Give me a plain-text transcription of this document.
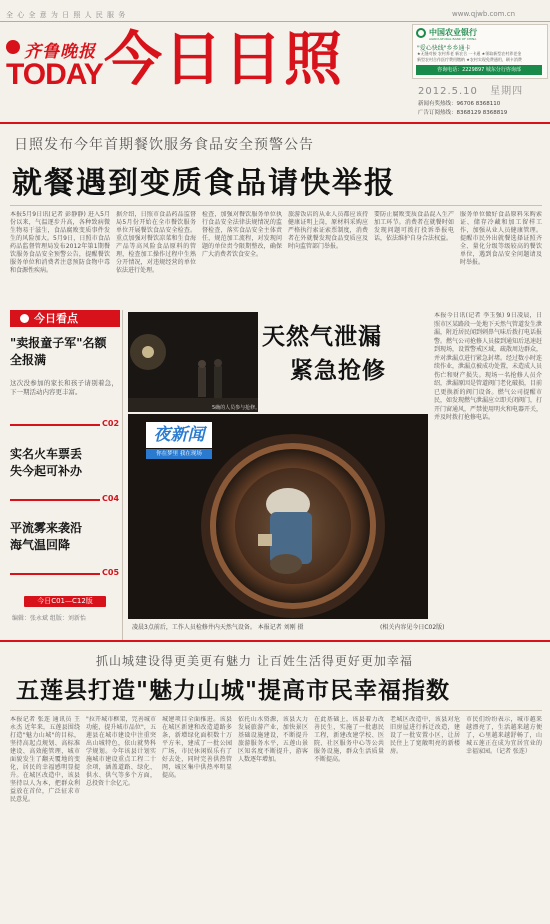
全 心 全 意 为 日 照 人 民 服 务	www.qjwb.com.cn
齐鲁晚报
TODAY 今日日照	中国农业银行
AGRICULTURAL BANK OF CHINA
"爱心快线"乡乡通卡
★无缝对接 农村养老 新农合 一卡通 ★领取新型农村养老金
新型农村合作医疗费用缴纳 ★农村实现免费通用，刷卡消费
咨询电话：2229897 城东分行咨询部
2012.5.10 星期四
新闻有奖热线：96706 8368110
广告订阅热线：8368129 8368819
日照发布今年首期餐饮服务食品安全预警公告
就餐遇到变质食品请快举报
本报5月9日讯(记者 彭静静) 进入5月份以来，气温逐步升高，各种致病微生物易于滋生，食品腐败变质事件发生的风险加大。5月9日，日照市食品药品监督管理局发布2012年第1期餐饮服务食品安全预警公告，提醒餐饮服务单位和消费者注意预防食物中毒和食源性疾病。
据介绍，日照市食品药品监督局5月份开始在全市餐饮服务单位开展餐饮食品安全检查。重点加强对餐饮凉菜和生食海产品等高风险食品原料的管理，检查加工操作过程中生熟分开情况，对违规经营的单位依法进行处理。
检查，加强对餐饮服务单位执行食品安全法律法规情况的监督检查，落实食品安全主体责任，规范加工流程，对发现问题的单位责令限期整改，确保广大消费者饮食安全。
旅游饭店的从业人员都应该持健康证明上岗，原材料采购应严格执行索证索票制度，消费者在外就餐发现食品变质应及时向监管部门举报。
要防止腐败变质食品混入生产加工环节。消费者在就餐时如发现问题可拨打投诉举报电话，依法维护自身合法权益。
服务单位做好食品原料采购索证、储存冷藏和加工留样工作，加强从业人员健康管理。提醒市民外出就餐选择证照齐全、量化分级等级较高的餐饮单位，遇到食品安全问题请及时举报。
今日看点
"卖报童子军"名额全报满
这次没参加的家长和孩子请别着急，下一期活动内容更丰富。
C02
实名火车票丢失今起可补办
C04
平流雾来袭沿海气温回降
C05
今日C01—C12版
编辑：张永斌 组版：刘新怡
天然气泄漏
紧急抢修
5确的人员参与抢修。
夜新闻
你在梦里 我在现场
凌晨3点前后，工作人员检修井内天然气设备。 本报记者 刘刚 摄	(相关内容见今日C02版)
本报今日讯(记者 李玉强) 9日凌晨，日照市区某路段一处地下天然气管道发生泄漏，附近居民闻到刺鼻气味后拨打电话报警。燃气公司抢修人员接到通知后迅速赶到现场，设置警戒区域，疏散周边群众，并对泄漏点进行紧急封堵。经过数小时连续作业，泄漏点被成功处置，未造成人员伤亡和财产损失。现场一名抢修人员介绍，泄漏原因是管道阀门老化破损，目前已更换新的阀门设备。燃气公司提醒市民，如发现燃气泄漏应立即关闭阀门，打开门窗通风，严禁使用明火和电器开关，并及时拨打抢修电话。
抓山城建设得更美更有魅力 让百姓生活得更好更加幸福
五莲县打造"魅力山城"提高市民幸福指数
本报记者 张连 通讯员 王永杰 近年来，五莲县围绕打造"魅力山城"的目标，坚持高起点规划、高标准建设、高效能管理，城市面貌发生了翻天覆地的变化，居民的幸福感明显提升。在城区改造中，该县坚持以人为本，把群众利益放在首位，广泛征求市民意见。
"拉开城市框架，完善城市功能，提升城市品位"，五莲县在城市建设中注重突出山城特色，依山就势科学规划。今年该县计划实施城市建设重点工程二十余项，涵盖道路、绿化、供水、供气等多个方面，总投资十余亿元。
城建项目全面推进。该县在城区新建和改造道路多条，新增绿化面积数十万平方米，建成了一批公园广场，市民休闲娱乐有了好去处，同时完善供热管网，城区集中供热率明显提高。
依托山水资源，该县大力发展旅游产业，加快景区基础设施建设，不断提升旅游服务水平，五莲山景区知名度不断提升，游客人数逐年增加。
在此基础上，该县着力改善民生，实施了一批惠民工程，新建改建学校、医院、社区服务中心等公共服务设施，群众生活质量不断提高。
老城区改造中，该县对危旧房屋进行拆迁改造，建设了一批安置小区，让居民住上了宽敞明亮的新楼房。
市民们纷纷表示，城市越来越漂亮了，生活越来越方便了，心里越来越舒畅了，山城五莲正在成为宜居宜业的幸福家园。（记者 张连）
